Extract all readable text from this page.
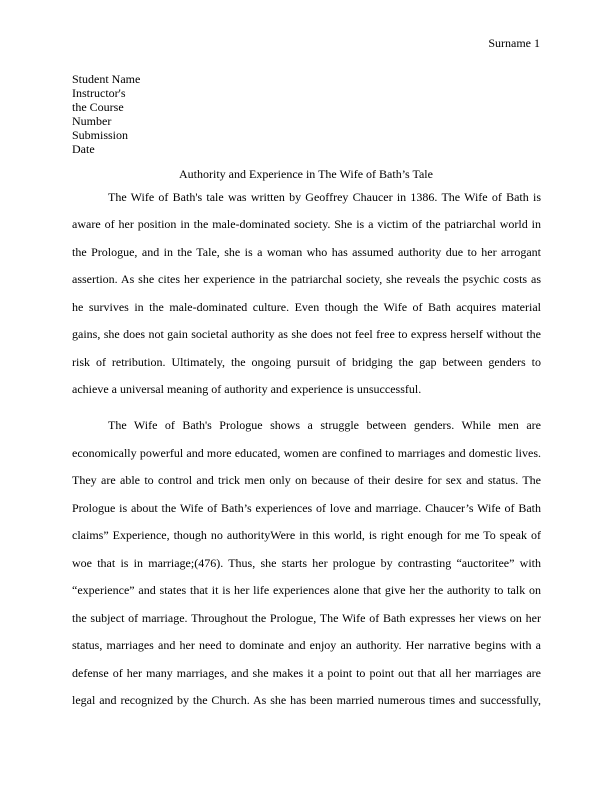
Surname 1
Student Name
Instructor's
the Course
Number
Submission
Date
Authority and Experience in The Wife of Bath’s Tale
The Wife of Bath's tale was written by Geoffrey Chaucer in 1386. The Wife of Bath is
aware of her position in the male-dominated society. She is a victim of the patriarchal world in
the Prologue, and in the Tale, she is a woman who has assumed authority due to her arrogant
assertion. As she cites her experience in the patriarchal society, she reveals the psychic costs as
he survives in the male-dominated culture. Even though the Wife of Bath acquires material
gains, she does not gain societal authority as she does not feel free to express herself without the
risk of retribution. Ultimately, the ongoing pursuit of bridging the gap between genders to
achieve a universal meaning of authority and experience is unsuccessful.
The Wife of Bath's Prologue shows a struggle between genders. While men are
economically powerful and more educated, women are confined to marriages and domestic lives.
They are able to control and trick men only on because of their desire for sex and status. The
Prologue is about the Wife of Bath’s experiences of love and marriage. Chaucer’s Wife of Bath
claims” Experience, though no authorityWere in this world, is right enough for me To speak of
woe that is in marriage;(476). Thus, she starts her prologue by contrasting “auctoritee” with
“experience” and states that it is her life experiences alone that give her the authority to talk on
the subject of marriage. Throughout the Prologue, The Wife of Bath expresses her views on her
status, marriages and her need to dominate and enjoy an authority. Her narrative begins with a
defense of her many marriages, and she makes it a point to point out that all her marriages are
legal and recognized by the Church. As she has been married numerous times and successfully,
